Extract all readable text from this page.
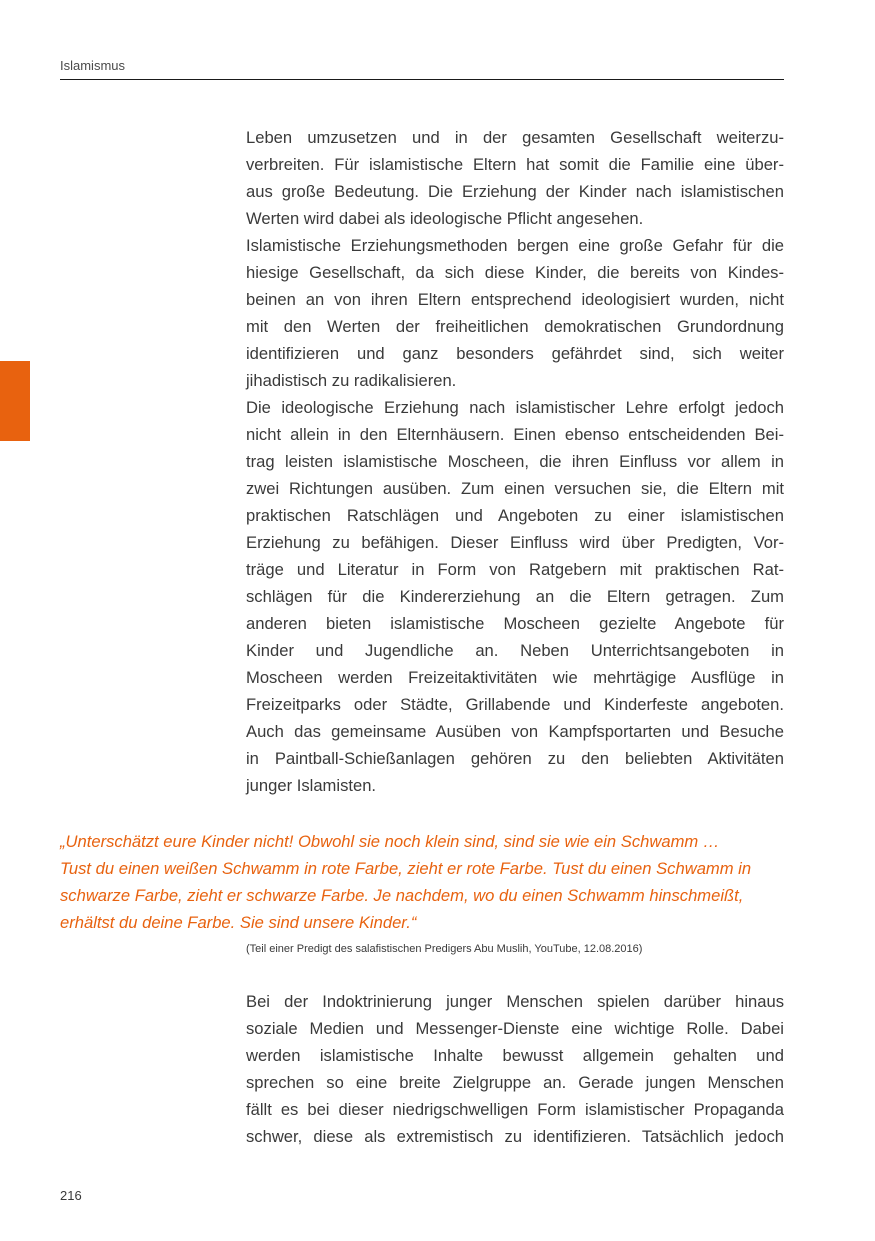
Islamismus
Leben umzusetzen und in der gesamten Gesellschaft weiterzu-
verbreiten. Für islamistische Eltern hat somit die Familie eine über-
aus große Bedeutung. Die Erziehung der Kinder nach islamistischen
Werten wird dabei als ideologische Pflicht angesehen.
Islamistische Erziehungsmethoden bergen eine große Gefahr für die
hiesige Gesellschaft, da sich diese Kinder, die bereits von Kindes-
beinen an von ihren Eltern entsprechend ideologisiert wurden, nicht
mit den Werten der freiheitlichen demokratischen Grundordnung
identifizieren und ganz besonders gefährdet sind, sich weiter
jihadistisch zu radikalisieren.
Die ideologische Erziehung nach islamistischer Lehre erfolgt jedoch
nicht allein in den Elternhäusern. Einen ebenso entscheidenden Bei-
trag leisten islamistische Moscheen, die ihren Einfluss vor allem in
zwei Richtungen ausüben. Zum einen versuchen sie, die Eltern mit
praktischen Ratschlägen und Angeboten zu einer islamistischen
Erziehung zu befähigen. Dieser Einfluss wird über Predigten, Vor-
träge und Literatur in Form von Ratgebern mit praktischen Rat-
schlägen für die Kindererziehung an die Eltern getragen. Zum
anderen bieten islamistische Moscheen gezielte Angebote für
Kinder und Jugendliche an. Neben Unterrichtsangeboten in
Moscheen werden Freizeitaktivitäten wie mehrtägige Ausflüge in
Freizeitparks oder Städte, Grillabende und Kinderfeste angeboten.
Auch das gemeinsame Ausüben von Kampfsportarten und Besuche
in Paintball-Schießanlagen gehören zu den beliebten Aktivitäten
junger Islamisten.
„Unterschätzt eure Kinder nicht! Obwohl sie noch klein sind, sind sie wie ein Schwamm …
Tust du einen weißen Schwamm in rote Farbe, zieht er rote Farbe. Tust du einen Schwamm in
schwarze Farbe, zieht er schwarze Farbe. Je nachdem, wo du einen Schwamm hinschmeißt,
erhältst du deine Farbe. Sie sind unsere Kinder.“
(Teil einer Predigt des salafistischen Predigers Abu Muslih, YouTube, 12.08.2016)
Bei der Indoktrinierung junger Menschen spielen darüber hinaus
soziale Medien und Messenger-Dienste eine wichtige Rolle. Dabei
werden islamistische Inhalte bewusst allgemein gehalten und
sprechen so eine breite Zielgruppe an. Gerade jungen Menschen
fällt es bei dieser niedrigschwelligen Form islamistischer Propaganda
schwer, diese als extremistisch zu identifizieren. Tatsächlich jedoch
216
